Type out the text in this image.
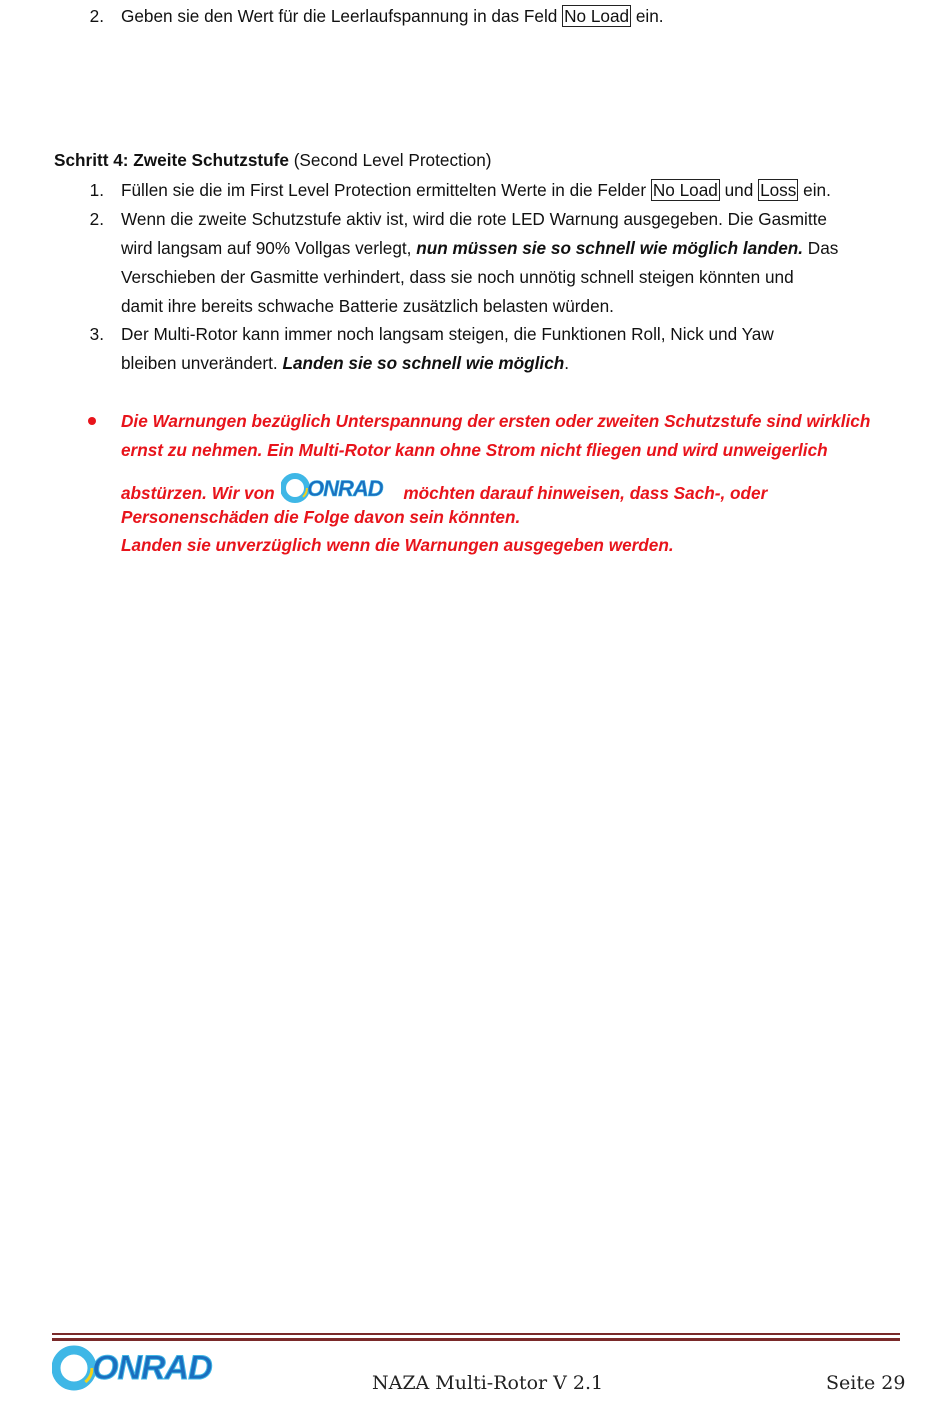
2. Geben sie den Wert für die Leerlaufspannung in das Feld No Load ein.
Schritt 4: Zweite Schutzstufe (Second Level Protection)
1. Füllen sie die im First Level Protection ermittelten Werte in die Felder No Load und Loss ein.
2. Wenn die zweite Schutzstufe aktiv ist, wird die rote LED Warnung ausgegeben. Die Gasmitte
wird langsam auf 90% Vollgas verlegt, nun müssen sie so schnell wie möglich landen. Das
Verschieben der Gasmitte verhindert, dass sie noch unnötig schnell steigen könnten und
damit ihre bereits schwache Batterie zusätzlich belasten würden.
3. Der Multi-Rotor kann immer noch langsam steigen, die Funktionen Roll, Nick und Yaw
bleiben unverändert. Landen sie so schnell wie möglich.
Die Warnungen bezüglich Unterspannung der ersten oder zweiten Schutzstufe sind wirklich
ernst zu nehmen. Ein Multi-Rotor kann ohne Strom nicht fliegen und wird unweigerlich
abstürzen. Wir von ONRAD möchten darauf hinweisen, dass Sach-, oder
Personenschäden die Folge davon sein könnten.
Landen sie unverzüglich wenn die Warnungen ausgegeben werden.
ONRAD	NAZA Multi-Rotor V 2.1	Seite 29
